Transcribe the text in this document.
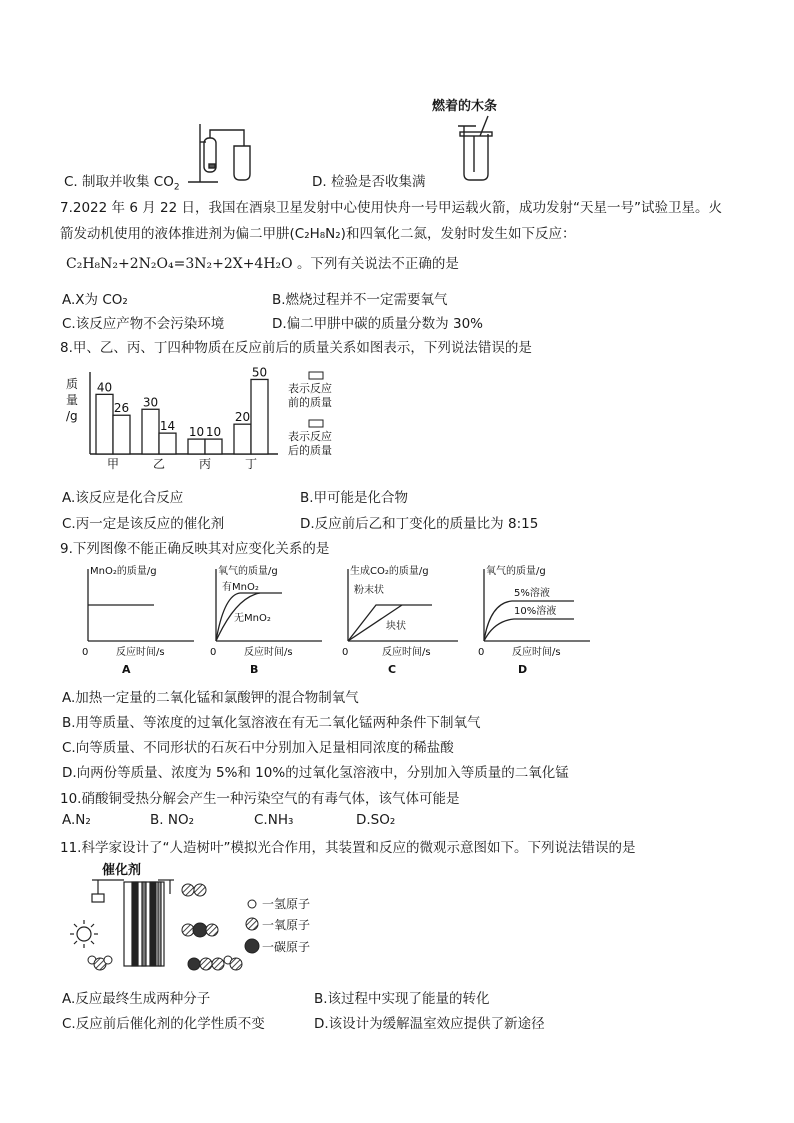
C. 制取并收集 $CO_2$
燃着的木条
D. 检验是否收集满
7.2022 年 6 月 22 日，我国在酒泉卫星发射中心使用快舟一号甲运载火箭，成功发射“天星一号”试验卫星。火
箭发动机使用的液体推进剂为偏二甲肼(C₂H₈N₂)和四氧化二氮，发射时发生如下反应：
C₂H₈N₂+2N₂O₄=3N₂+2X+4H₂O 。下列有关说法不正确的是
A.X为 CO₂	B.燃烧过程并不一定需要氧气
C.该反应产物不会污染环境	D.偏二甲肼中碳的质量分数为 30%
8.甲、乙、丙、丁四种物质在反应前后的质量关系如图表示，下列说法错误的是
质
量
/g
40
26
甲
30
14
乙
10 10
丙
20
50
丁
表示反应
前的质量
表示反应
后的质量
A.该反应是化合反应	B.甲可能是化合物
C.丙一定是该反应的催化剂	D.反应前后乙和丁变化的质量比为 8:15
9.下列图像不能正确反映其对应变化关系的是
MnO₂的质量/g
0	反应时间/s
A
氧气的质量/g
有MnO₂
无MnO₂
0	反应时间/s
B
生成CO₂的质量/g
粉末状
块状
0	反应时间/s
C
氧气的质量/g
5%溶液
10%溶液
0	反应时间/s
D
A.加热一定量的二氧化锰和氯酸钾的混合物制氧气
B.用等质量、等浓度的过氧化氢溶液在有无二氧化锰两种条件下制氧气
C.向等质量、不同形状的石灰石中分别加入足量相同浓度的稀盐酸
D.向两份等质量、浓度为 5%和 10%的过氧化氢溶液中，分别加入等质量的二氧化锰
10.硝酸铜受热分解会产生一种污染空气的有毒气体，该气体可能是
A.N₂	B. NO₂	C.NH₃	D.SO₂
11.科学家设计了“人造树叶”模拟光合作用，其装置和反应的微观示意图如下。下列说法错误的是
催化剂
一氢原子
一氧原子
一碳原子
A.反应最终生成两种分子	B.该过程中实现了能量的转化
C.反应前后催化剂的化学性质不变	D.该设计为缓解温室效应提供了新途径
